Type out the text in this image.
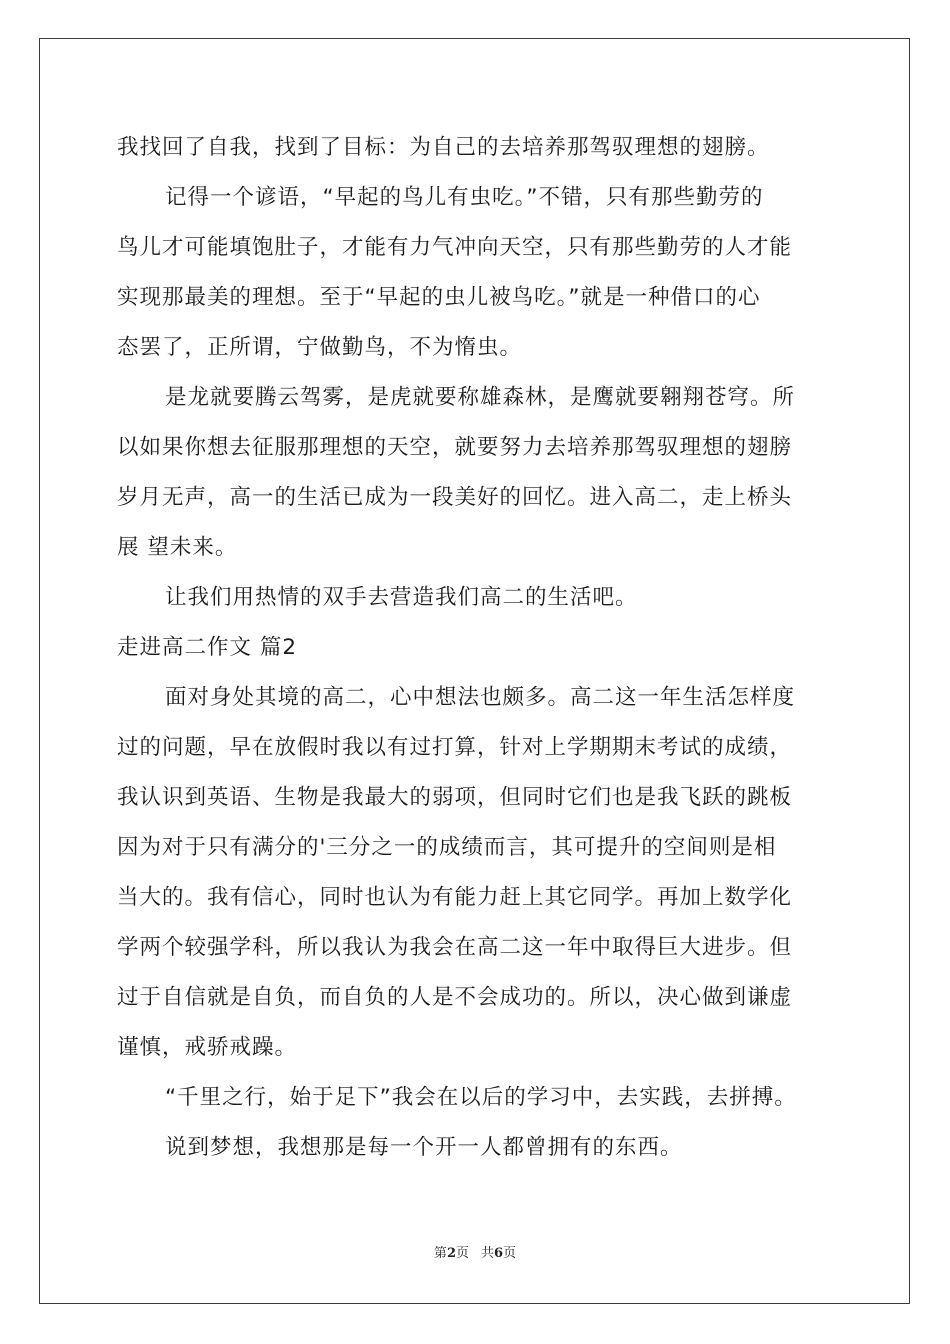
我找回了自我，找到了目标：为自己的去培养那驾驭理想的翅膀。
记得一个谚语，“早起的鸟儿有虫吃。”不错，只有那些勤劳的
鸟儿才可能填饱肚子，才能有力气冲向天空，只有那些勤劳的人才能
实现那最美的理想。至于“早起的虫儿被鸟吃。”就是一种借口的心
态罢了，正所谓，宁做勤鸟，不为惰虫。
是龙就要腾云驾雾，是虎就要称雄森林，是鹰就要翱翔苍穹。所
以如果你想去征服那理想的天空，就要努力去培养那驾驭理想的翅膀
岁月无声，高一的生活已成为一段美好的回忆。进入高二，走上桥头
展 望未来。
让我们用热情的双手去营造我们高二的生活吧。
走进高二作文 篇2
面对身处其境的高二，心中想法也颇多。高二这一年生活怎样度
过的问题，早在放假时我以有过打算，针对上学期期末考试的成绩，
我认识到英语、生物是我最大的弱项，但同时它们也是我飞跃的跳板
因为对于只有满分的'三分之一的成绩而言，其可提升的空间则是相
当大的。我有信心，同时也认为有能力赶上其它同学。再加上数学化
学两个较强学科，所以我认为我会在高二这一年中取得巨大进步。但
过于自信就是自负，而自负的人是不会成功的。所以，决心做到谦虚
谨慎，戒骄戒躁。
“千里之行，始于足下”我会在以后的学习中，去实践，去拼搏。
说到梦想，我想那是每一个开一人都曾拥有的东西。
第2页 共6页
